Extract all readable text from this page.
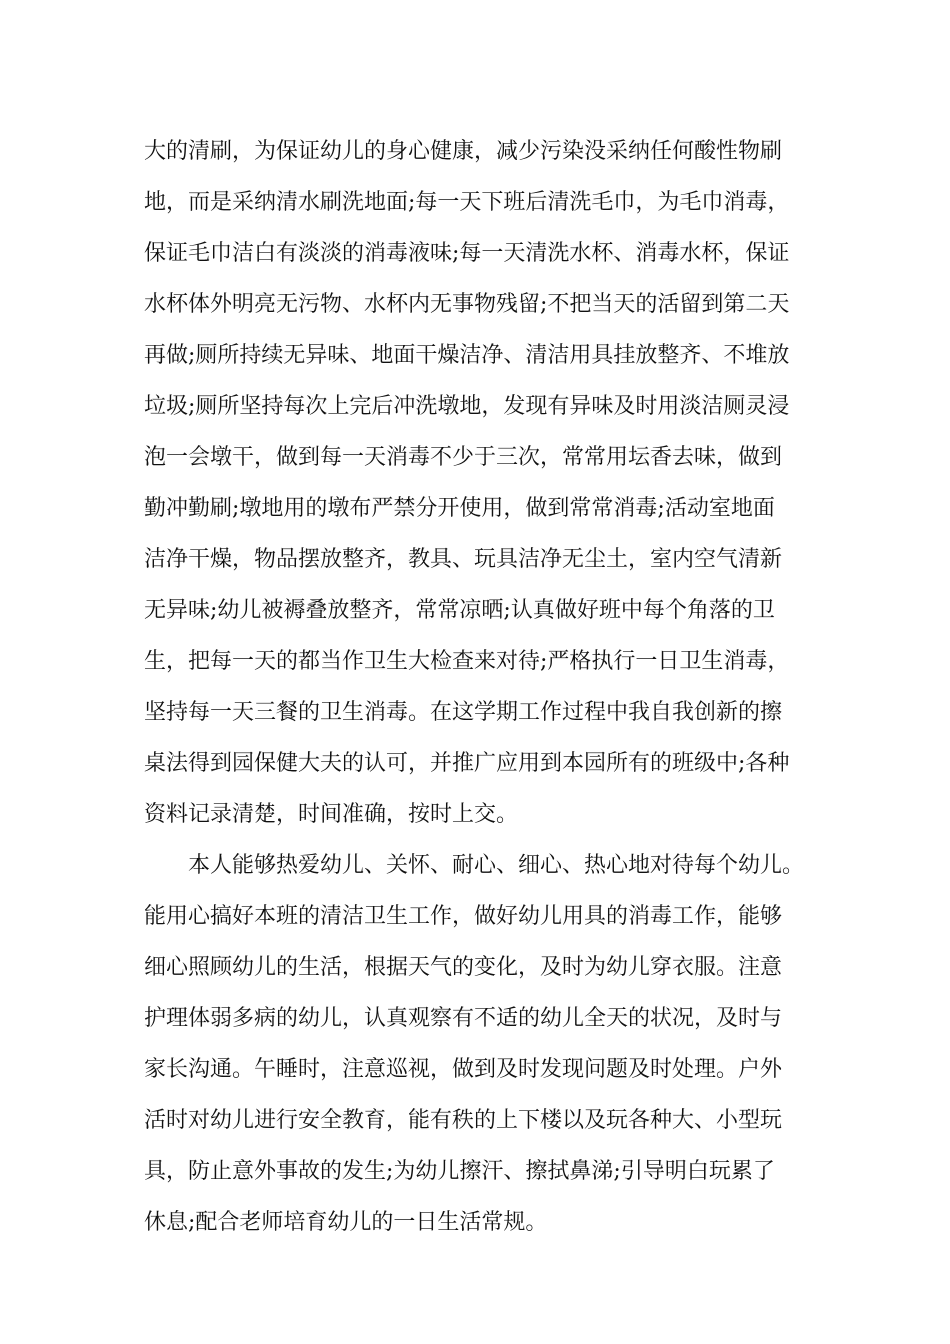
大的清刷，为保证幼儿的身心健康，减少污染没采纳任何酸性物刷
地，而是采纳清水刷洗地面;每一天下班后清洗毛巾，为毛巾消毒，
保证毛巾洁白有淡淡的消毒液味;每一天清洗水杯、消毒水杯，保证
水杯体外明亮无污物、水杯内无事物残留;不把当天的活留到第二天
再做;厕所持续无异味、地面干燥洁净、清洁用具挂放整齐、不堆放
垃圾;厕所坚持每次上完后冲洗墩地，发现有异味及时用淡洁厕灵浸
泡一会墩干，做到每一天消毒不少于三次，常常用坛香去味，做到
勤冲勤刷;墩地用的墩布严禁分开使用，做到常常消毒;活动室地面
洁净干燥，物品摆放整齐，教具、玩具洁净无尘土，室内空气清新
无异味;幼儿被褥叠放整齐，常常凉晒;认真做好班中每个角落的卫
生，把每一天的都当作卫生大检查来对待;严格执行一日卫生消毒，
坚持每一天三餐的卫生消毒。在这学期工作过程中我自我创新的擦
桌法得到园保健大夫的认可，并推广应用到本园所有的班级中;各种
资料记录清楚，时间准确，按时上交。
本人能够热爱幼儿、关怀、耐心、细心、热心地对待每个幼儿。
能用心搞好本班的清洁卫生工作，做好幼儿用具的消毒工作，能够
细心照顾幼儿的生活，根据天气的变化，及时为幼儿穿衣服。注意
护理体弱多病的幼儿，认真观察有不适的幼儿全天的状况，及时与
家长沟通。午睡时，注意巡视，做到及时发现问题及时处理。户外
活时对幼儿进行安全教育，能有秩的上下楼以及玩各种大、小型玩
具，防止意外事故的发生;为幼儿擦汗、擦拭鼻涕;引导明白玩累了
休息;配合老师培育幼儿的一日生活常规。
